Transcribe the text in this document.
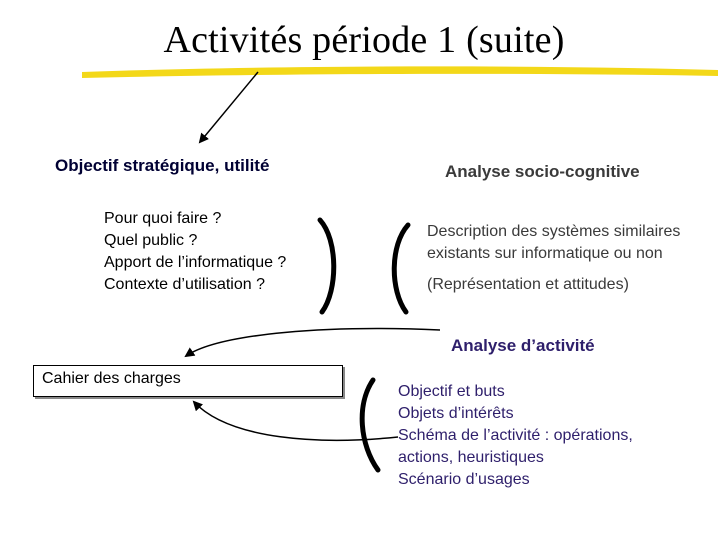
Activités période 1 (suite)
Objectif stratégique, utilité
Pour quoi faire ?
Quel public ?
Apport de l’informatique ?
Contexte d’utilisation ?
Analyse socio-cognitive
Description des systèmes similaires
existants sur informatique ou non
(Représentation et attitudes)
Analyse d’activité
Objectif et buts
Objets d’intérêts
Schéma de l’activité : opérations,
actions, heuristiques
Scénario d’usages
Cahier des charges
